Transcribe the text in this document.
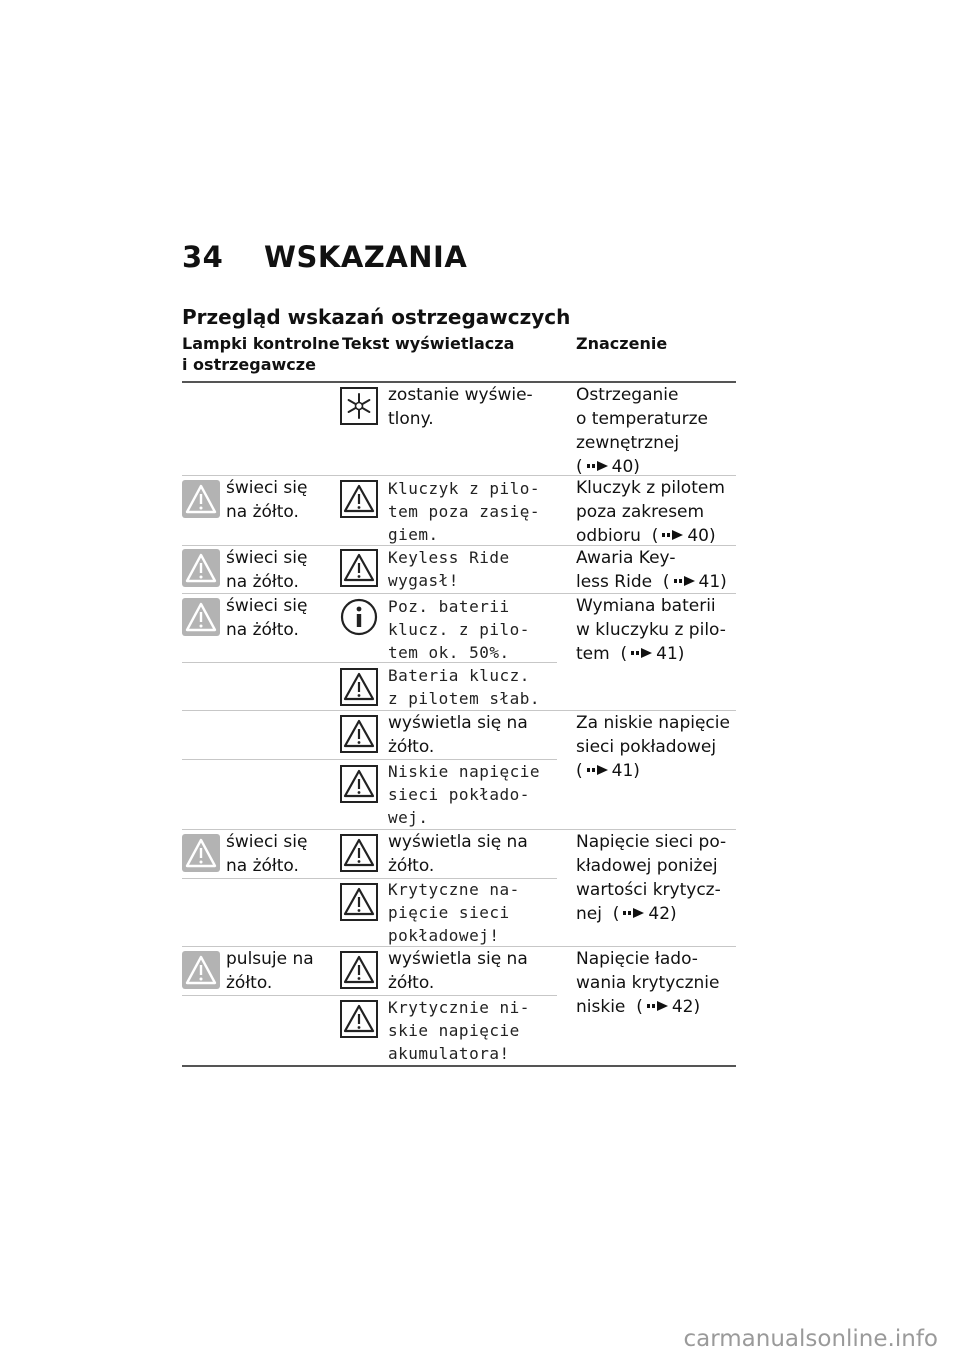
34 WSKAZANIA
Przegląd wskazań ostrzegawczych
Lampki kontrolne
i ostrzegawcze
Tekst wyświetlacza	Znaczenie
zostanie wyświe-
tlony.
Ostrzeganie
o temperaturze
zewnętrznej
( 40)
świeci się
na żółto.
Kluczyk z pilo-
tem poza zasię-
giem.
Kluczyk z pilotem
poza zakresem
odbioru ( 40)
świeci się
na żółto.
Keyless Ride
wygasł!
Awaria Key-
less Ride ( 41)
świeci się
na żółto.
Poz. baterii
klucz. z pilo-
tem ok. 50%.
Wymiana baterii
w kluczyku z pilo-
tem ( 41)
Bateria klucz.
z pilotem słab.
wyświetla się na
żółto.
Za niskie napięcie
sieci pokładowej
( 41)
Niskie napięcie
sieci pokłado-
wej.
świeci się
na żółto.
wyświetla się na
żółto.
Napięcie sieci po-
kładowej poniżej
wartości krytycz-
nej ( 42)
Krytyczne na-
pięcie sieci
pokładowej!
pulsuje na
żółto.
wyświetla się na
żółto.
Napięcie łado-
wania krytycznie
niskie ( 42)
Krytycznie ni-
skie napięcie
akumulatora!
carmanualsonline.info
